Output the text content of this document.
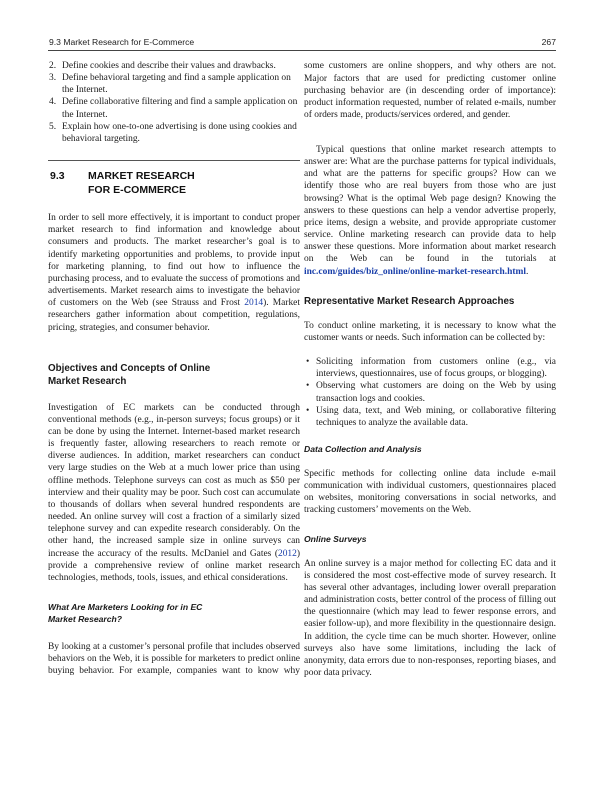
9.3 Market Research for E-Commerce	267
2. Define cookies and describe their values and drawbacks.
3. Define behavioral targeting and find a sample application on the Internet.
4. Define collaborative filtering and find a sample application on the Internet.
5. Explain how one-to-one advertising is done using cookies and behavioral targeting.
9.3 MARKET RESEARCH
FOR E-COMMERCE

In order to sell more effectively, it is important to conduct proper market research to find information and knowledge about consumers and products. The market researcher’s goal is to identify marketing opportunities and problems, to provide input for marketing planning, to find out how to influence the purchasing process, and to evaluate the success of promotions and advertisements. Market research aims to investigate the behavior of customers on the Web (see Strauss and Frost 2014). Market researchers gather information about competition, regulations, pricing, strategies, and consumer behavior.

Objectives and Concepts of Online
Market Research

Investigation of EC markets can be conducted through conventional methods (e.g., in-person surveys; focus groups) or it can be done by using the Internet. Internet-based market research is frequently faster, allowing researchers to reach remote or diverse audiences. In addition, market researchers can conduct very large studies on the Web at a much lower price than using offline methods. Telephone surveys can cost as much as $50 per interview and their quality may be poor. Such cost can accumulate to thousands of dollars when several hundred respondents are needed. An online survey will cost a fraction of a similarly sized telephone survey and can expedite research considerably. On the other hand, the increased sample size in online surveys can increase the accuracy of the results. McDaniel and Gates (2012) provide a comprehensive review of online market research technologies, methods, tools, issues, and ethical considerations.

What Are Marketers Looking for in EC
Market Research?

By looking at a customer’s personal profile that includes observed behaviors on the Web, it is possible for marketers to predict online buying behavior. For example, companies want to know why

some customers are online shoppers, and why others are not. Major factors that are used for predicting customer online purchasing behavior are (in descending order of importance): product information requested, number of related e-mails, number of orders made, products/services ordered, and gender.

Typical questions that online market research attempts to answer are: What are the purchase patterns for typical individuals, and what are the patterns for specific groups? How can we identify those who are real buyers from those who are just browsing? What is the optimal Web page design? Knowing the answers to these questions can help a vendor advertise properly, price items, design a website, and provide appropriate customer service. Online marketing research can provide data to help answer these questions. More information about market research on the Web can be found in the tutorials at inc.com/guides/biz_online/online-market-research.html.

Representative Market Research Approaches

To conduct online marketing, it is necessary to know what the customer wants or needs. Such information can be collected by:

• Soliciting information from customers online (e.g., via interviews, questionnaires, use of focus groups, or blogging).
• Observing what customers are doing on the Web by using transaction logs and cookies.
• Using data, text, and Web mining, or collaborative filtering techniques to analyze the available data.
Data Collection and Analysis

Specific methods for collecting online data include e-mail communication with individual customers, questionnaires placed on websites, monitoring conversations in social networks, and tracking customers’ movements on the Web.

Online Surveys

An online survey is a major method for collecting EC data and it is considered the most cost-effective mode of survey research. It has several other advantages, including lower overall preparation and administration costs, better control of the process of filling out the questionnaire (which may lead to fewer response errors, and easier follow-up), and more flexibility in the questionnaire design. In addition, the cycle time can be much shorter. However, online surveys also have some limitations, including the lack of anonymity, data errors due to non-responses, reporting biases, and poor data privacy.
